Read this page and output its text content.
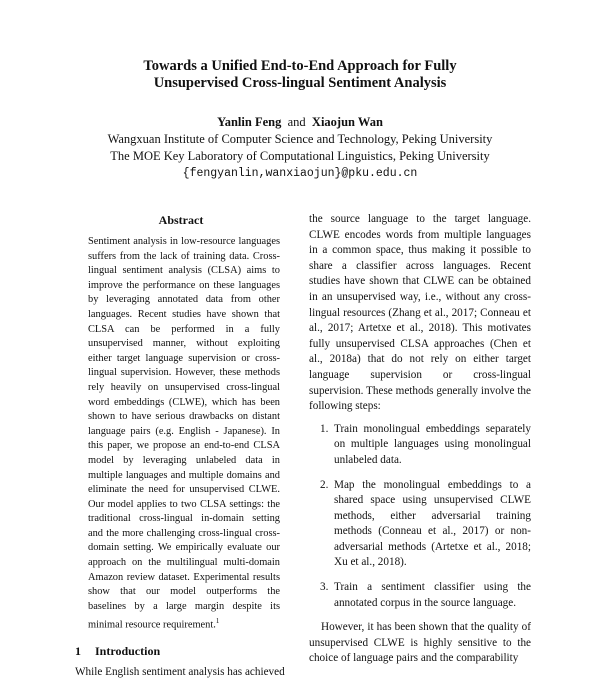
Towards a Unified End-to-End Approach for Fully
Unsupervised Cross-lingual Sentiment Analysis
Yanlin Feng and Xiaojun Wan
Wangxuan Institute of Computer Science and Technology, Peking University
The MOE Key Laboratory of Computational Linguistics, Peking University
{fengyanlin,wanxiaojun}@pku.edu.cn
Abstract

Sentiment analysis in low-resource languages suffers from the lack of training data. Cross-lingual sentiment analysis (CLSA) aims to improve the performance on these languages by leveraging annotated data from other languages. Recent studies have shown that CLSA can be performed in a fully unsupervised manner, without exploiting either target language supervision or cross-lingual supervision. However, these methods rely heavily on unsupervised cross-lingual word embeddings (CLWE), which has been shown to have serious drawbacks on distant language pairs (e.g. English - Japanese). In this paper, we propose an end-to-end CLSA model by leveraging unlabeled data in multiple languages and multiple domains and eliminate the need for unsupervised CLWE. Our model applies to two CLSA settings: the traditional cross-lingual in-domain setting and the more challenging cross-lingual cross-domain setting. We empirically evaluate our approach on the multilingual multi-domain Amazon review dataset. Experimental results show that our model outperforms the baselines by a large margin despite its minimal resource requirement.$^1$

1 Introduction

While English sentiment analysis has achieved

the source language to the target language. CLWE encodes words from multiple languages in a common space, thus making it possible to share a classifier across languages. Recent studies have shown that CLWE can be obtained in an unsupervised way, i.e., without any cross-lingual resources (Zhang et al., 2017; Conneau et al., 2017; Artetxe et al., 2018). This motivates fully unsupervised CLSA approaches (Chen et al., 2018a) that do not rely on either target language supervision or cross-lingual supervision. These methods generally involve the following steps:

1. Train monolingual embeddings separately on multiple languages using monolingual unlabeled data.
2. Map the monolingual embeddings to a shared space using unsupervised CLWE methods, either adversarial training methods (Conneau et al., 2017) or non-adversarial methods (Artetxe et al., 2018; Xu et al., 2018).
3. Train a sentiment classifier using the annotated corpus in the source language.

However, it has been shown that the quality of unsupervised CLWE is highly sensitive to the choice of language pairs and the comparability
